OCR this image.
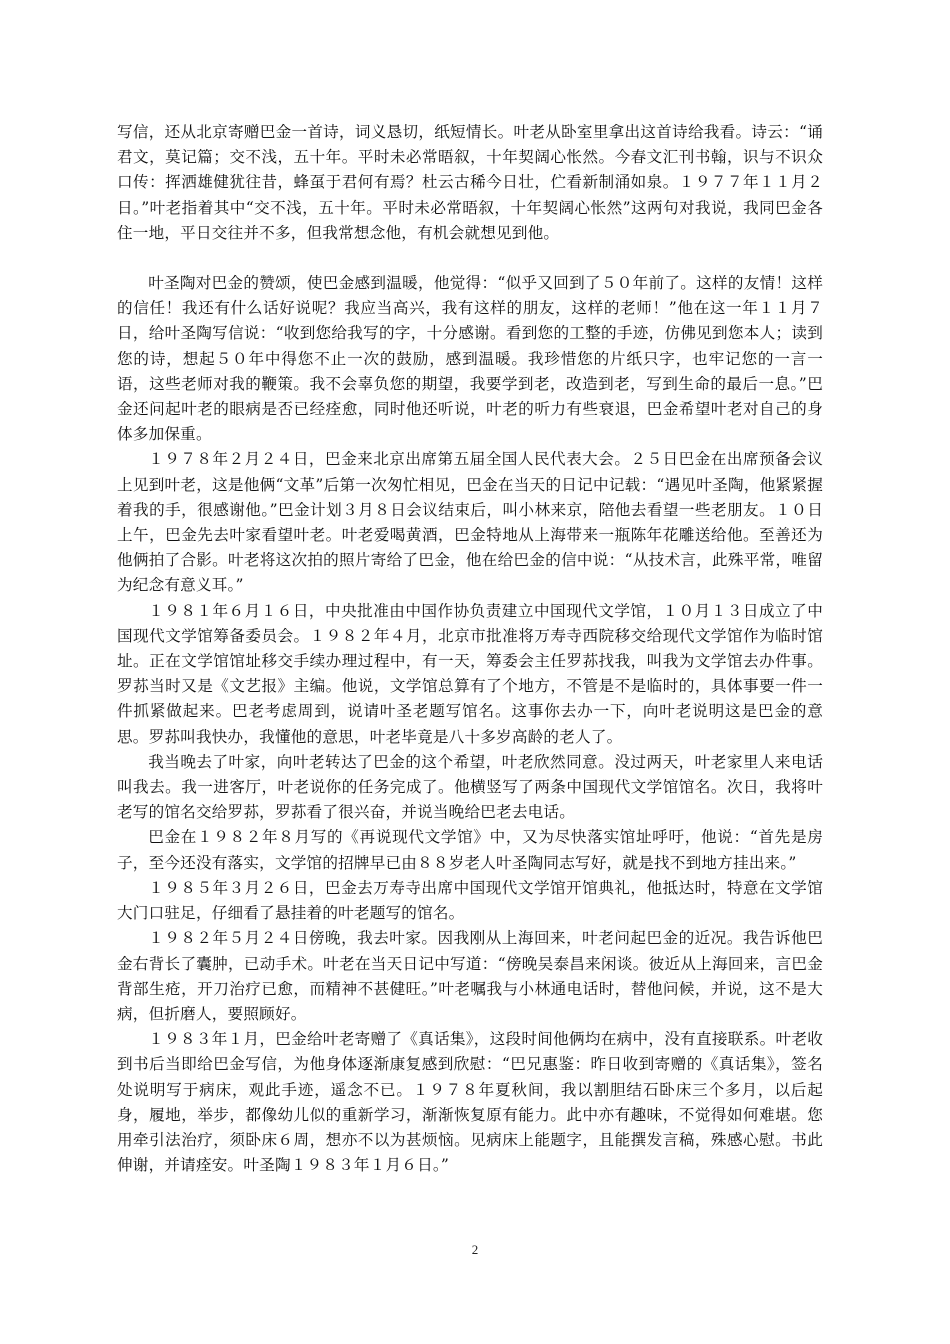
写信，还从北京寄赠巴金一首诗，词义恳切，纸短情长。叶老从卧室里拿出这首诗给我看。诗云：“诵君文，莫记篇；交不浅，五十年。平时未必常晤叙，十年契阔心怅然。今春文汇刊书翰，识与不识众口传：挥洒雄健犹往昔，蜂虿于君何有焉？杜云古稀今日壮，伫看新制涌如泉。１９７７年１１月２日。”叶老指着其中“交不浅，五十年。平时未必常晤叙，十年契阔心怅然”这两句对我说，我同巴金各住一地，平日交往并不多，但我常想念他，有机会就想见到他。

叶圣陶对巴金的赞颂，使巴金感到温暖，他觉得：“似乎又回到了５０年前了。这样的友情！这样的信任！我还有什么话好说呢？我应当高兴，我有这样的朋友，这样的老师！”他在这一年１１月７日，给叶圣陶写信说：“收到您给我写的字，十分感谢。看到您的工整的手迹，仿佛见到您本人；读到您的诗，想起５０年中得您不止一次的鼓励，感到温暖。我珍惜您的片纸只字，也牢记您的一言一语，这些老师对我的鞭策。我不会辜负您的期望，我要学到老，改造到老，写到生命的最后一息。”巴金还问起叶老的眼病是否已经痊愈，同时他还听说，叶老的听力有些衰退，巴金希望叶老对自己的身体多加保重。

１９７８年２月２４日，巴金来北京出席第五届全国人民代表大会。２５日巴金在出席预备会议上见到叶老，这是他俩“文革”后第一次匆忙相见，巴金在当天的日记中记载：“遇见叶圣陶，他紧紧握着我的手，很感谢他。”巴金计划３月８日会议结束后，叫小林来京，陪他去看望一些老朋友。１０日上午，巴金先去叶家看望叶老。叶老爱喝黄酒，巴金特地从上海带来一瓶陈年花雕送给他。至善还为他俩拍了合影。叶老将这次拍的照片寄给了巴金，他在给巴金的信中说：“从技术言，此殊平常，唯留为纪念有意义耳。”

１９８１年６月１６日，中央批准由中国作协负责建立中国现代文学馆，１０月１３日成立了中国现代文学馆筹备委员会。１９８２年４月，北京市批准将万寿寺西院移交给现代文学馆作为临时馆址。正在文学馆馆址移交手续办理过程中，有一天，筹委会主任罗荪找我，叫我为文学馆去办件事。罗荪当时又是《文艺报》主编。他说，文学馆总算有了个地方，不管是不是临时的，具体事要一件一件抓紧做起来。巴老考虑周到，说请叶圣老题写馆名。这事你去办一下，向叶老说明这是巴金的意思。罗荪叫我快办，我懂他的意思，叶老毕竟是八十多岁高龄的老人了。

我当晚去了叶家，向叶老转达了巴金的这个希望，叶老欣然同意。没过两天，叶老家里人来电话叫我去。我一进客厅，叶老说你的任务完成了。他横竖写了两条中国现代文学馆馆名。次日，我将叶老写的馆名交给罗荪，罗荪看了很兴奋，并说当晚给巴老去电话。

巴金在１９８２年８月写的《再说现代文学馆》中，又为尽快落实馆址呼吁，他说：“首先是房子，至今还没有落实，文学馆的招牌早已由８８岁老人叶圣陶同志写好，就是找不到地方挂出来。”

１９８５年３月２６日，巴金去万寿寺出席中国现代文学馆开馆典礼，他抵达时，特意在文学馆大门口驻足，仔细看了悬挂着的叶老题写的馆名。

１９８２年５月２４日傍晚，我去叶家。因我刚从上海回来，叶老问起巴金的近况。我告诉他巴金右背长了囊肿，已动手术。叶老在当天日记中写道：“傍晚吴泰昌来闲谈。彼近从上海回来，言巴金背部生疮，开刀治疗已愈，而精神不甚健旺。”叶老嘱我与小林通电话时，替他问候，并说，这不是大病，但折磨人，要照顾好。

１９８３年１月，巴金给叶老寄赠了《真话集》，这段时间他俩均在病中，没有直接联系。叶老收到书后当即给巴金写信，为他身体逐渐康复感到欣慰：“巴兄惠鉴：昨日收到寄赠的《真话集》，签名处说明写于病床，观此手迹，遥念不已。１９７８年夏秋间，我以割胆结石卧床三个多月，以后起身，履地，举步，都像幼儿似的重新学习，渐渐恢复原有能力。此中亦有趣味，不觉得如何难堪。您用牵引法治疗，须卧床６周，想亦不以为甚烦恼。见病床上能题字，且能撰发言稿，殊感心慰。书此伸谢，并请痊安。叶圣陶１９８３年１月６日。”

2
